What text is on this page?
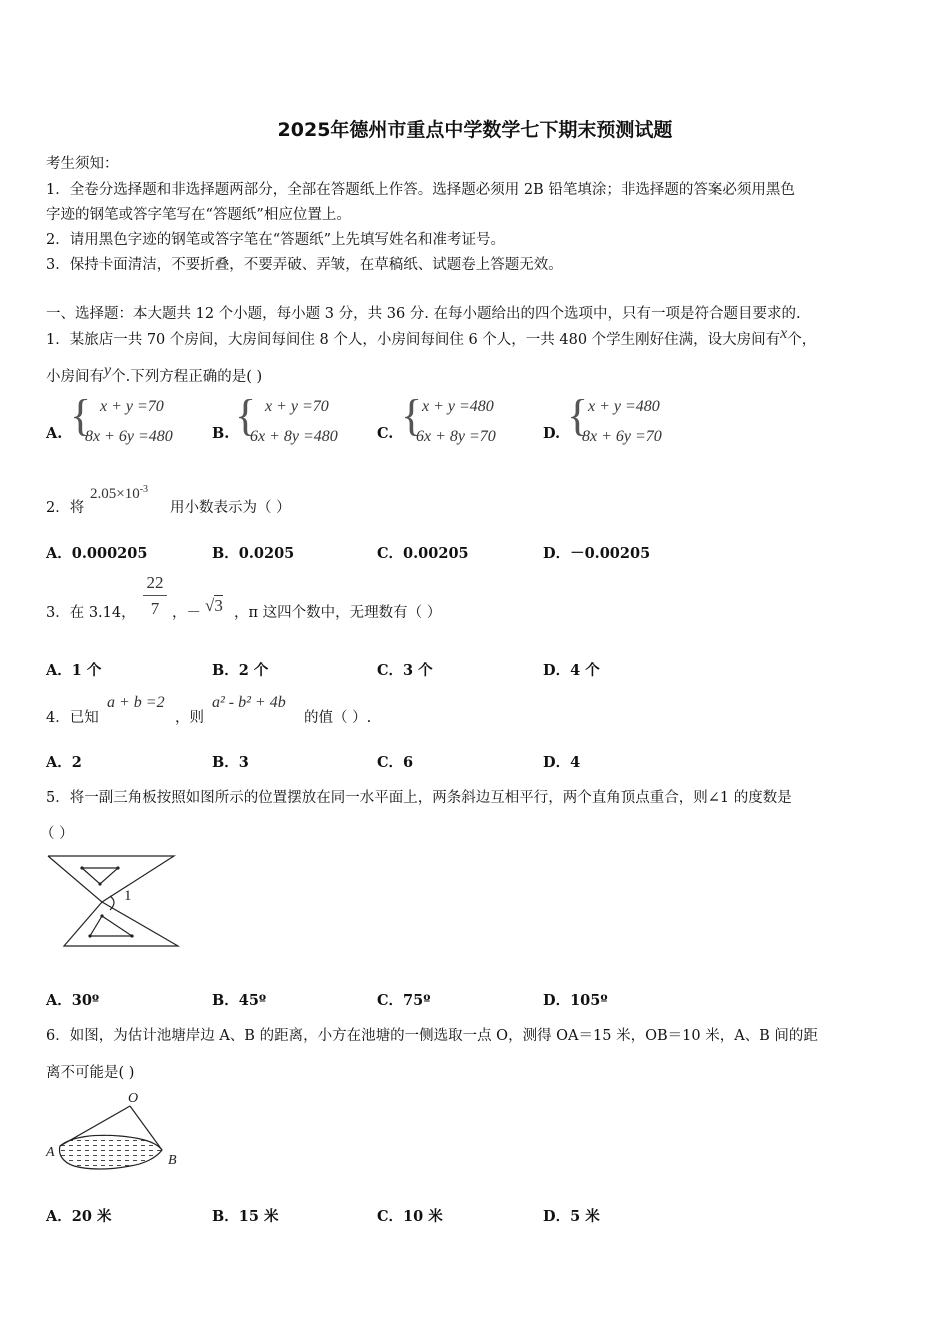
2025年德州市重点中学数学七下期末预测试题
考生须知：
1．全卷分选择题和非选择题两部分，全部在答题纸上作答。选择题必须用 2B 铅笔填涂；非选择题的答案必须用黑色
字迹的钢笔或答字笔写在“答题纸”相应位置上。
2．请用黑色字迹的钢笔或答字笔在“答题纸”上先填写姓名和准考证号。
3．保持卡面清洁，不要折叠，不要弄破、弄皱，在草稿纸、试题卷上答题无效。
一、选择题：本大题共 12 个小题，每小题 3 分，共 36 分. 在每小题给出的四个选项中，只有一项是符合题目要求的.
1．某旅店一共 70 个房间，大房间每间住 8 个人，小房间每间住 6 个人，一共 480 个学生刚好住满，设大房间有x个，
小房间有y个.下列方程正确的是( )
A. { x + y =70
8x + 6y =480	B. { x + y =70
6x + 8y =480	C. { x + y =480
6x + 8y =70	D. { x + y =480
8x + 6y =70
2．将
$2.05\times 10^{-3}$
用小数表示为（ ）
A．0.000205	B．0.0205	C．0.00205	D．－0.00205
3．在 3.14，
22
7 ，－ √3 ，π 这四个数中，无理数有（ ）
A．1 个	B．2 个	C．3 个	D．4 个
4．已知
a + b =2
，则
a² - b² + 4b
的值（ ）.
A．2	B．3	C．6	D．4
5．将一副三角板按照如图所示的位置摆放在同一水平面上，两条斜边互相平行，两个直角顶点重合，则∠1 的度数是
（ ）
1
A．30º	B．45º	C．75º	D．105º
6．如图，为估计池塘岸边 A、B 的距离，小方在池塘的一侧选取一点 O，测得 OA＝15 米，OB＝10 米，A、B 间的距
离不可能是( )
O
A
B
A．20 米	B．15 米	C．10 米	D．5 米
